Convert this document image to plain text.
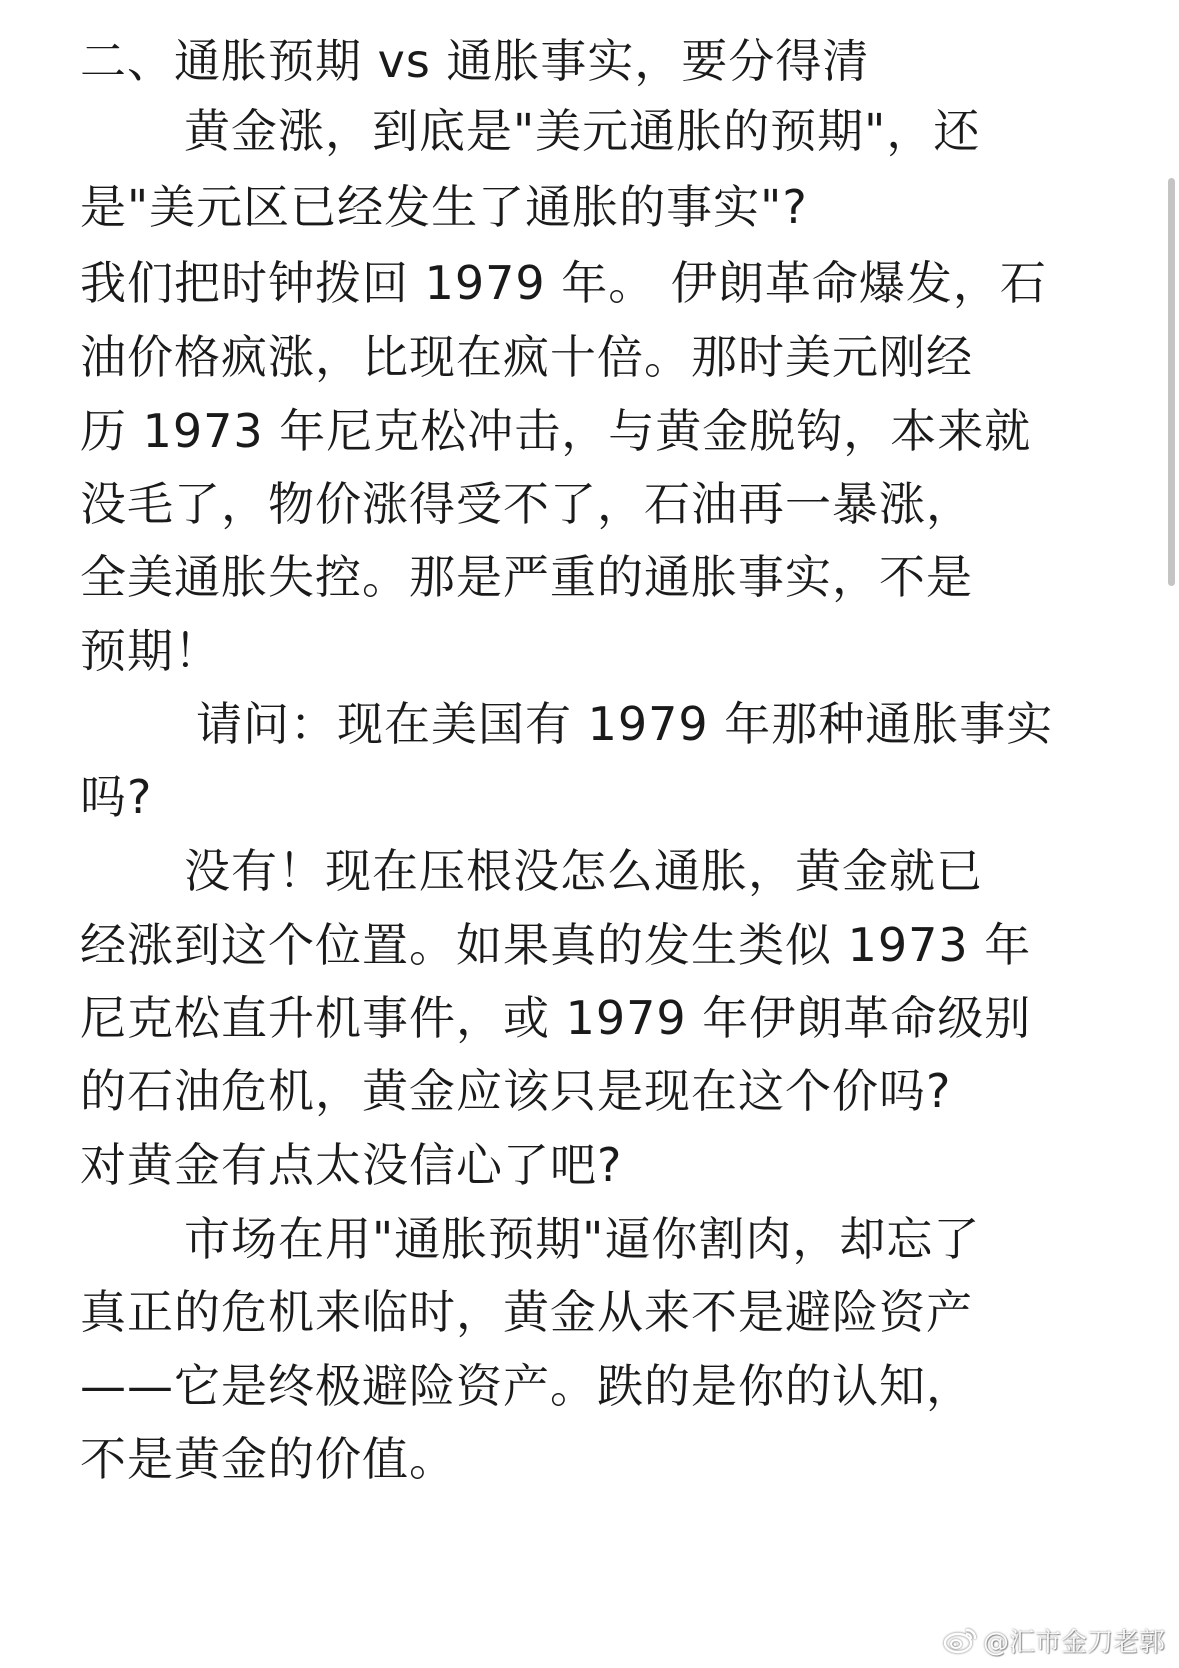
二、通胀预期 vs 通胀事实，要分得清
黄金涨，到底是"美元通胀的预期"，还
是"美元区已经发生了通胀的事实"?
我们把时钟拨回 1979 年。 伊朗革命爆发，石
油价格疯涨，比现在疯十倍。那时美元刚经
历 1973 年尼克松冲击，与黄金脱钩，本来就
没毛了，物价涨得受不了，石油再一暴涨，
全美通胀失控。那是严重的通胀事实，不是
预期！
请问：现在美国有 1979 年那种通胀事实
吗?
没有！现在压根没怎么通胀，黄金就已
经涨到这个位置。如果真的发生类似 1973 年
尼克松直升机事件，或 1979 年伊朗革命级别
的石油危机，黄金应该只是现在这个价吗?
对黄金有点太没信心了吧?
市场在用"通胀预期"逼你割肉，却忘了
真正的危机来临时，黄金从来不是避险资产
——它是终极避险资产。跌的是你的认知，
不是黄金的价值。
@汇市金刀老郭
